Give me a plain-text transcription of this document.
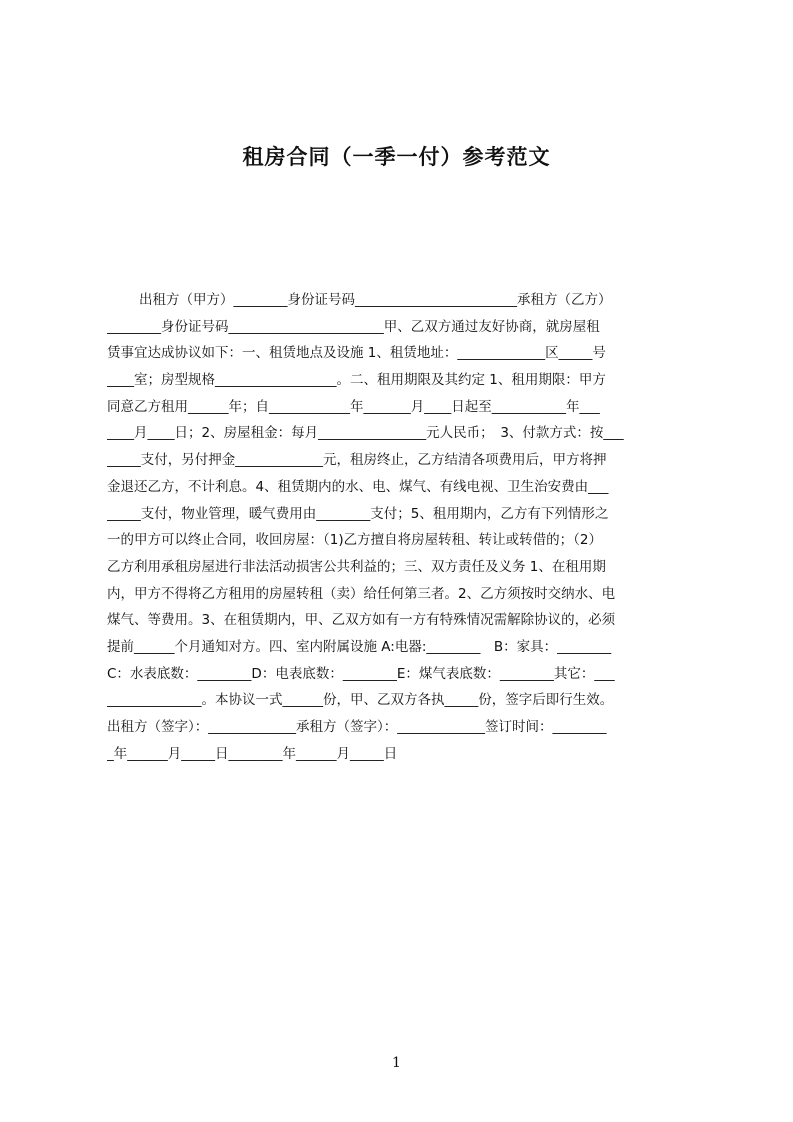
租房合同（一季一付）参考范文
出租方（甲方）________身份证号码________________________承租方（乙方）
________身份证号码_______________________甲、乙双方通过友好协商，就房屋租
赁事宜达成协议如下：一、租赁地点及设施 1、租赁地址：_____________区_____号
____室；房型规格__________________。二、租用期限及其约定 1、租用期限：甲方
同意乙方租用______年；自____________年_______月____日起至___________年___
____月____日；2、房屋租金：每月________________元人民币；　3、付款方式：按___
_____支付，另付押金_____________元，租房终止，乙方结清各项费用后，甲方将押
金退还乙方，不计利息。4、租赁期内的水、电、煤气、有线电视、卫生治安费由___
_____支付，物业管理，暖气费用由________支付；5、租用期内，乙方有下列情形之
一的甲方可以终止合同，收回房屋：（1)乙方擅自将房屋转租、转让或转借的；（2）
乙方利用承租房屋进行非法活动损害公共利益的；三、双方责任及义务 1、在租用期
内，甲方不得将乙方租用的房屋转租（卖）给任何第三者。2、乙方须按时交纳水、电
煤气、等费用。3、在租赁期内，甲、乙双方如有一方有特殊情况需解除协议的，必须
提前______个月通知对方。四、室内附属设施 A:电器:________　B：家具：________
C：水表底数：________D：电表底数：________E：煤气表底数：________其它：___
______________。本协议一式______份，甲、乙双方各执_____份，签字后即行生效。
出租方（签字）：_____________承租方（签字）：_____________签订时间：________
_年______月_____日________年______月_____日
1
